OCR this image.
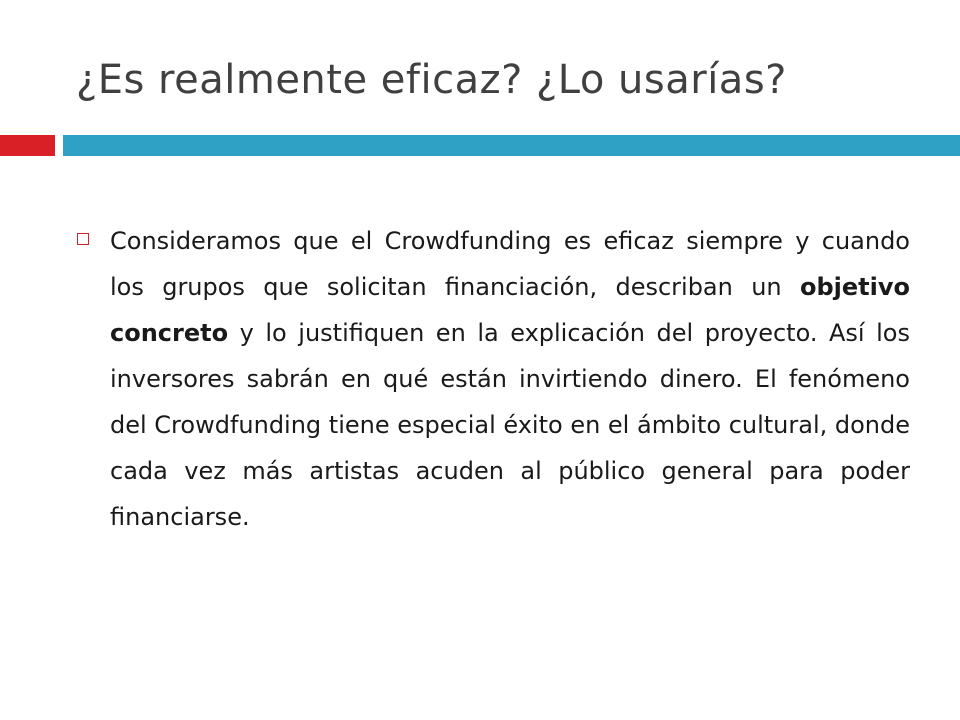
¿Es realmente eficaz? ¿Lo usarías?

Consideramos que el Crowdfunding es eficaz siempre y cuando los grupos que solicitan financiación, describan un objetivo concreto y lo justifiquen en la explicación del proyecto. Así los inversores sabrán en qué están invirtiendo dinero. El fenómeno del Crowdfunding tiene especial éxito en el ámbito cultural, donde cada vez más artistas acuden al público general para poder financiarse.
